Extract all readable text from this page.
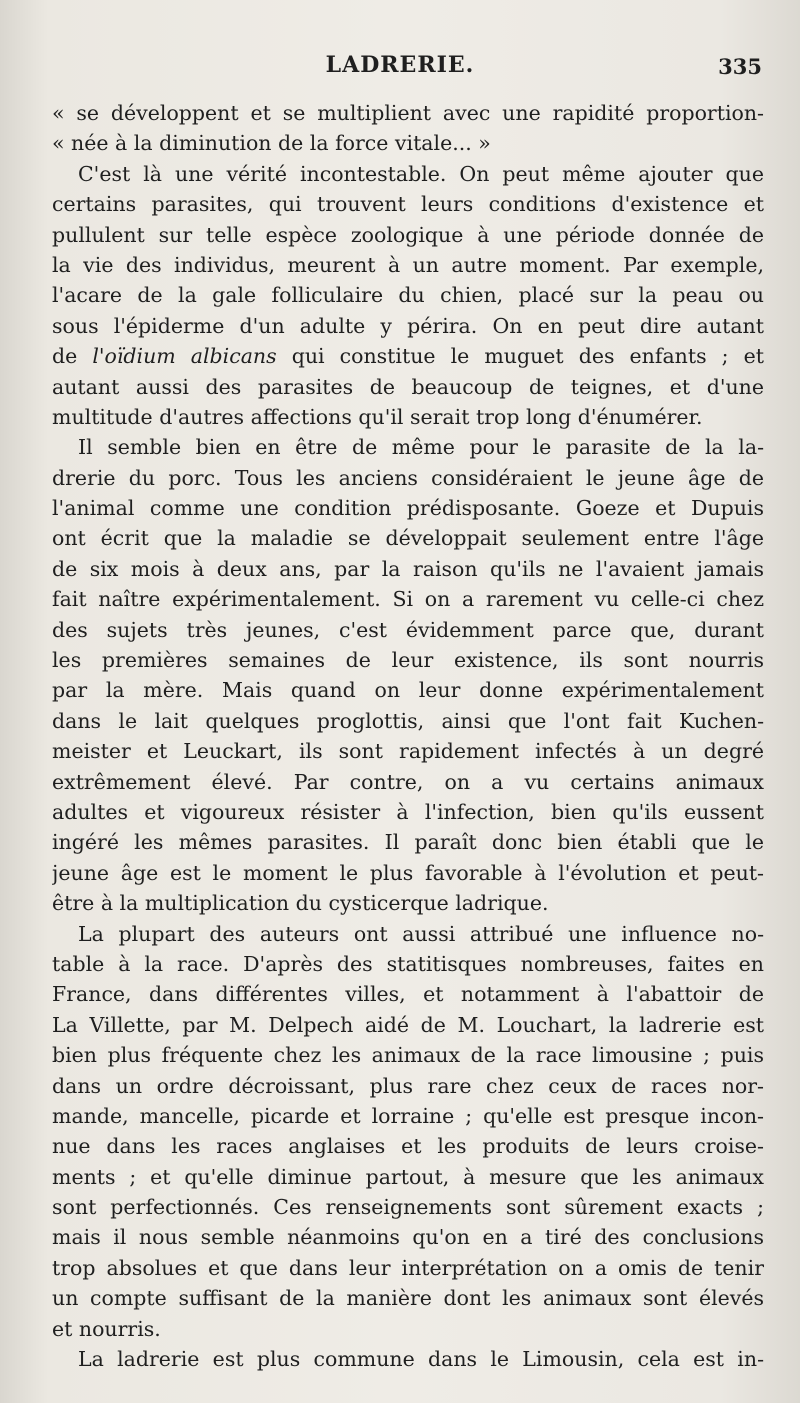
LADRERIE.	335
« se développent et se multiplient avec une rapidité proportion-
« née à la diminution de la force vitale... »
C'est là une vérité incontestable. On peut même ajouter que
certains parasites, qui trouvent leurs conditions d'existence et
pullulent sur telle espèce zoologique à une période donnée de
la vie des individus, meurent à un autre moment. Par exemple,
l'acare de la gale folliculaire du chien, placé sur la peau ou
sous l'épiderme d'un adulte y périra. On en peut dire autant
de l'oïdium albicans qui constitue le muguet des enfants ; et
autant aussi des parasites de beaucoup de teignes, et d'une
multitude d'autres affections qu'il serait trop long d'énumérer.
Il semble bien en être de même pour le parasite de la la-
drerie du porc. Tous les anciens considéraient le jeune âge de
l'animal comme une condition prédisposante. Goeze et Dupuis
ont écrit que la maladie se développait seulement entre l'âge
de six mois à deux ans, par la raison qu'ils ne l'avaient jamais
fait naître expérimentalement. Si on a rarement vu celle-ci chez
des sujets très jeunes, c'est évidemment parce que, durant
les premières semaines de leur existence, ils sont nourris
par la mère. Mais quand on leur donne expérimentalement
dans le lait quelques proglottis, ainsi que l'ont fait Kuchen-
meister et Leuckart, ils sont rapidement infectés à un degré
extrêmement élevé. Par contre, on a vu certains animaux
adultes et vigoureux résister à l'infection, bien qu'ils eussent
ingéré les mêmes parasites. Il paraît donc bien établi que le
jeune âge est le moment le plus favorable à l'évolution et peut-
être à la multiplication du cysticerque ladrique.
La plupart des auteurs ont aussi attribué une influence no-
table à la race. D'après des statitisques nombreuses, faites en
France, dans différentes villes, et notamment à l'abattoir de
La Villette, par M. Delpech aidé de M. Louchart, la ladrerie est
bien plus fréquente chez les animaux de la race limousine ; puis
dans un ordre décroissant, plus rare chez ceux de races nor-
mande, mancelle, picarde et lorraine ; qu'elle est presque incon-
nue dans les races anglaises et les produits de leurs croise-
ments ; et qu'elle diminue partout, à mesure que les animaux
sont perfectionnés. Ces renseignements sont sûrement exacts ;
mais il nous semble néanmoins qu'on en a tiré des conclusions
trop absolues et que dans leur interprétation on a omis de tenir
un compte suffisant de la manière dont les animaux sont élevés
et nourris.
La ladrerie est plus commune dans le Limousin, cela est in-
